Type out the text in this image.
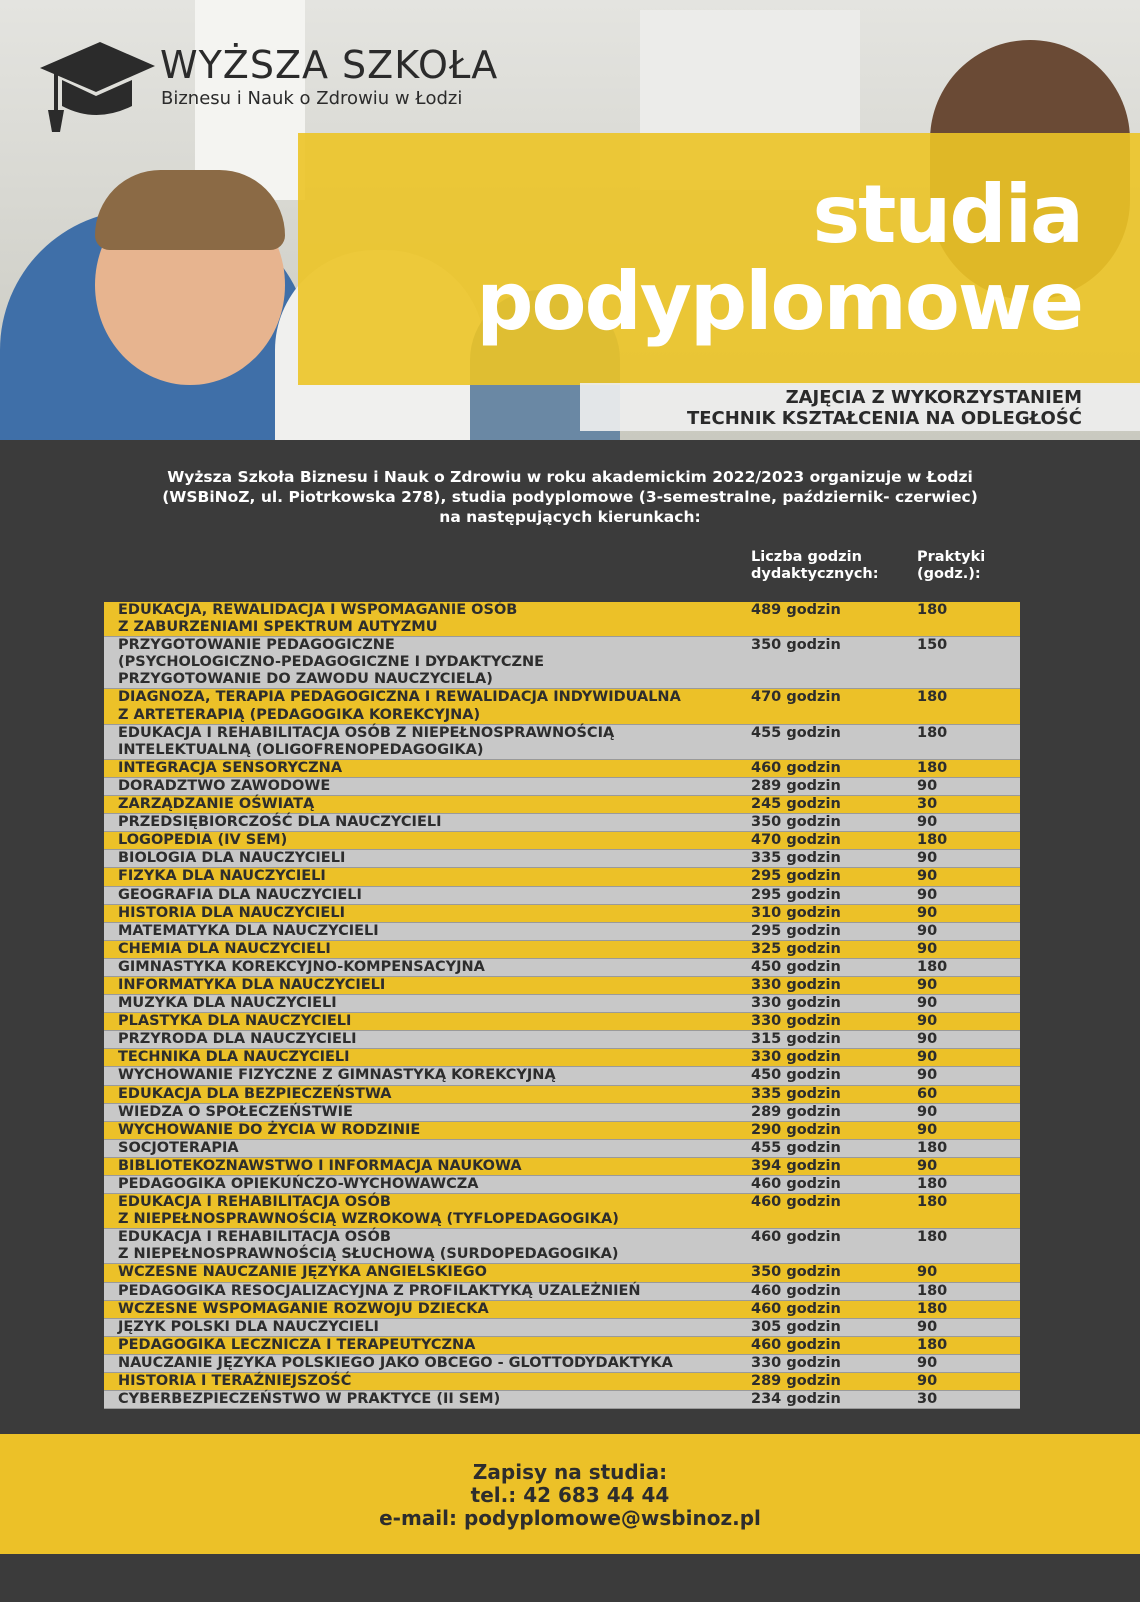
WYŻSZA SZKOŁA
Biznesu i Nauk o Zdrowiu w Łodzi
studia
podyplomowe
ZAJĘCIA Z WYKORZYSTANIEM
TECHNIK KSZTAŁCENIA NA ODLEGŁOŚĆ
Wyższa Szkoła Biznesu i Nauk o Zdrowiu w roku akademickim 2022/2023 organizuje w Łodzi
(WSBiNoZ, ul. Piotrkowska 278), studia podyplomowe (3-semestralne, październik- czerwiec)
na następujących kierunkach:
Liczba godzin
dydaktycznych:
Praktyki
(godz.):
EDUKACJA, REWALIDACJA I WSPOMAGANIE OSÓB
Z ZABURZENIAMI SPEKTRUM AUTYZMU
489 godzin	180
PRZYGOTOWANIE PEDAGOGICZNE
(PSYCHOLOGICZNO-PEDAGOGICZNE I DYDAKTYCZNE
PRZYGOTOWANIE DO ZAWODU NAUCZYCIELA)
350 godzin	150
DIAGNOZA, TERAPIA PEDAGOGICZNA I REWALIDACJA INDYWIDUALNA
Z ARTETERAPIĄ (PEDAGOGIKA KOREKCYJNA)
470 godzin	180
EDUKACJA I REHABILITACJA OSÓB Z NIEPEŁNOSPRAWNOŚCIĄ
INTELEKTUALNĄ (OLIGOFRENOPEDAGOGIKA)
455 godzin	180
INTEGRACJA SENSORYCZNA	460 godzin	180
DORADZTWO ZAWODOWE	289 godzin	90
ZARZĄDZANIE OŚWIATĄ	245 godzin	30
PRZEDSIĘBIORCZOŚĆ DLA NAUCZYCIELI	350 godzin	90
LOGOPEDIA (IV SEM)	470 godzin	180
BIOLOGIA DLA NAUCZYCIELI	335 godzin	90
FIZYKA DLA NAUCZYCIELI	295 godzin	90
GEOGRAFIA DLA NAUCZYCIELI	295 godzin	90
HISTORIA DLA NAUCZYCIELI	310 godzin	90
MATEMATYKA DLA NAUCZYCIELI	295 godzin	90
CHEMIA DLA NAUCZYCIELI	325 godzin	90
GIMNASTYKA KOREKCYJNO-KOMPENSACYJNA	450 godzin	180
INFORMATYKA DLA NAUCZYCIELI	330 godzin	90
MUZYKA DLA NAUCZYCIELI	330 godzin	90
PLASTYKA DLA NAUCZYCIELI	330 godzin	90
PRZYRODA DLA NAUCZYCIELI	315 godzin	90
TECHNIKA DLA NAUCZYCIELI	330 godzin	90
WYCHOWANIE FIZYCZNE Z GIMNASTYKĄ KOREKCYJNĄ	450 godzin	90
EDUKACJA DLA BEZPIECZEŃSTWA	335 godzin	60
WIEDZA O SPOŁECZEŃSTWIE	289 godzin	90
WYCHOWANIE DO ŻYCIA W RODZINIE	290 godzin	90
SOCJOTERAPIA	455 godzin	180
BIBLIOTEKOZNAWSTWO I INFORMACJA NAUKOWA	394 godzin	90
PEDAGOGIKA OPIEKUŃCZO-WYCHOWAWCZA	460 godzin	180
EDUKACJA I REHABILITACJA OSÓB
Z NIEPEŁNOSPRAWNOŚCIĄ WZROKOWĄ (TYFLOPEDAGOGIKA)
460 godzin	180
EDUKACJA I REHABILITACJA OSÓB
Z NIEPEŁNOSPRAWNOŚCIĄ SŁUCHOWĄ (SURDOPEDAGOGIKA)
460 godzin	180
WCZESNE NAUCZANIE JĘZYKA ANGIELSKIEGO	350 godzin	90
PEDAGOGIKA RESOCJALIZACYJNA Z PROFILAKTYKĄ UZALEŻNIEŃ	460 godzin	180
WCZESNE WSPOMAGANIE ROZWOJU DZIECKA	460 godzin	180
JĘZYK POLSKI DLA NAUCZYCIELI	305 godzin	90
PEDAGOGIKA LECZNICZA I TERAPEUTYCZNA	460 godzin	180
NAUCZANIE JĘZYKA POLSKIEGO JAKO OBCEGO - GLOTTODYDAKTYKA	330 godzin	90
HISTORIA I TERAŹNIEJSZOŚĆ	289 godzin	90
CYBERBEZPIECZEŃSTWO W PRAKTYCE (II SEM)	234 godzin	30
Zapisy na studia:
tel.: 42 683 44 44
e-mail: podyplomowe@wsbinoz.pl
